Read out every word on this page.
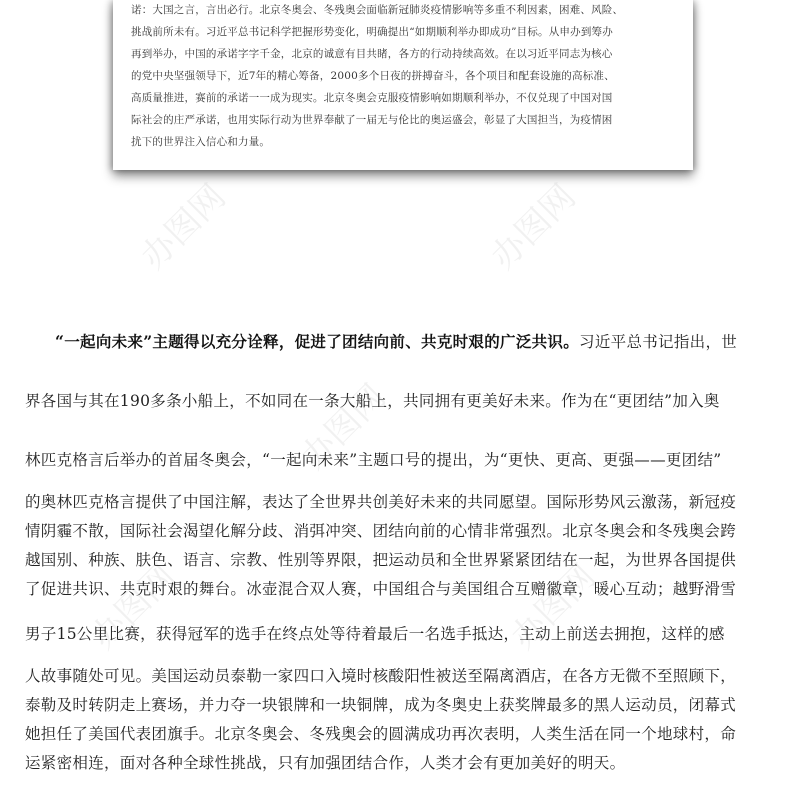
诺：大国之言，言出必行。北京冬奥会、冬残奥会面临新冠肺炎疫情影响等多重不利因素，困难、风险、
挑战前所未有。习近平总书记科学把握形势变化，明确提出“如期顺利举办即成功”目标。从申办到筹办
再到举办，中国的承诺字字千金，北京的诚意有目共睹，各方的行动持续高效。在以习近平同志为核心
的党中央坚强领导下，近7年的精心筹备，2000多个日夜的拼搏奋斗，各个项目和配套设施的高标准、
高质量推进，赛前的承诺一一成为现实。北京冬奥会克服疫情影响如期顺利举办，不仅兑现了中国对国
际社会的庄严承诺，也用实际行动为世界奉献了一届无与伦比的奥运盛会，彰显了大国担当，为疫情困
扰下的世界注入信心和力量。
办图网	办图网
办图网
办图网	办图网
“一起向未来”主题得以充分诠释，促进了团结向前、共克时艰的广泛共识。习近平总书记指出，世
界各国与其在190多条小船上，不如同在一条大船上，共同拥有更美好未来。作为在“更团结”加入奥
林匹克格言后举办的首届冬奥会，“一起向未来”主题口号的提出，为“更快、更高、更强——更团结”
的奥林匹克格言提供了中国注解，表达了全世界共创美好未来的共同愿望。国际形势风云激荡，新冠疫
情阴霾不散，国际社会渴望化解分歧、消弭冲突、团结向前的心情非常强烈。北京冬奥会和冬残奥会跨
越国别、种族、肤色、语言、宗教、性别等界限，把运动员和全世界紧紧团结在一起，为世界各国提供
了促进共识、共克时艰的舞台。冰壶混合双人赛，中国组合与美国组合互赠徽章，暖心互动；越野滑雪
男子15公里比赛，获得冠军的选手在终点处等待着最后一名选手抵达，主动上前送去拥抱，这样的感
人故事随处可见。美国运动员泰勒一家四口入境时核酸阳性被送至隔离酒店，在各方无微不至照顾下，
泰勒及时转阴走上赛场，并力夺一块银牌和一块铜牌，成为冬奥史上获奖牌最多的黑人运动员，闭幕式
她担任了美国代表团旗手。北京冬奥会、冬残奥会的圆满成功再次表明，人类生活在同一个地球村，命
运紧密相连，面对各种全球性挑战，只有加强团结合作，人类才会有更加美好的明天。
